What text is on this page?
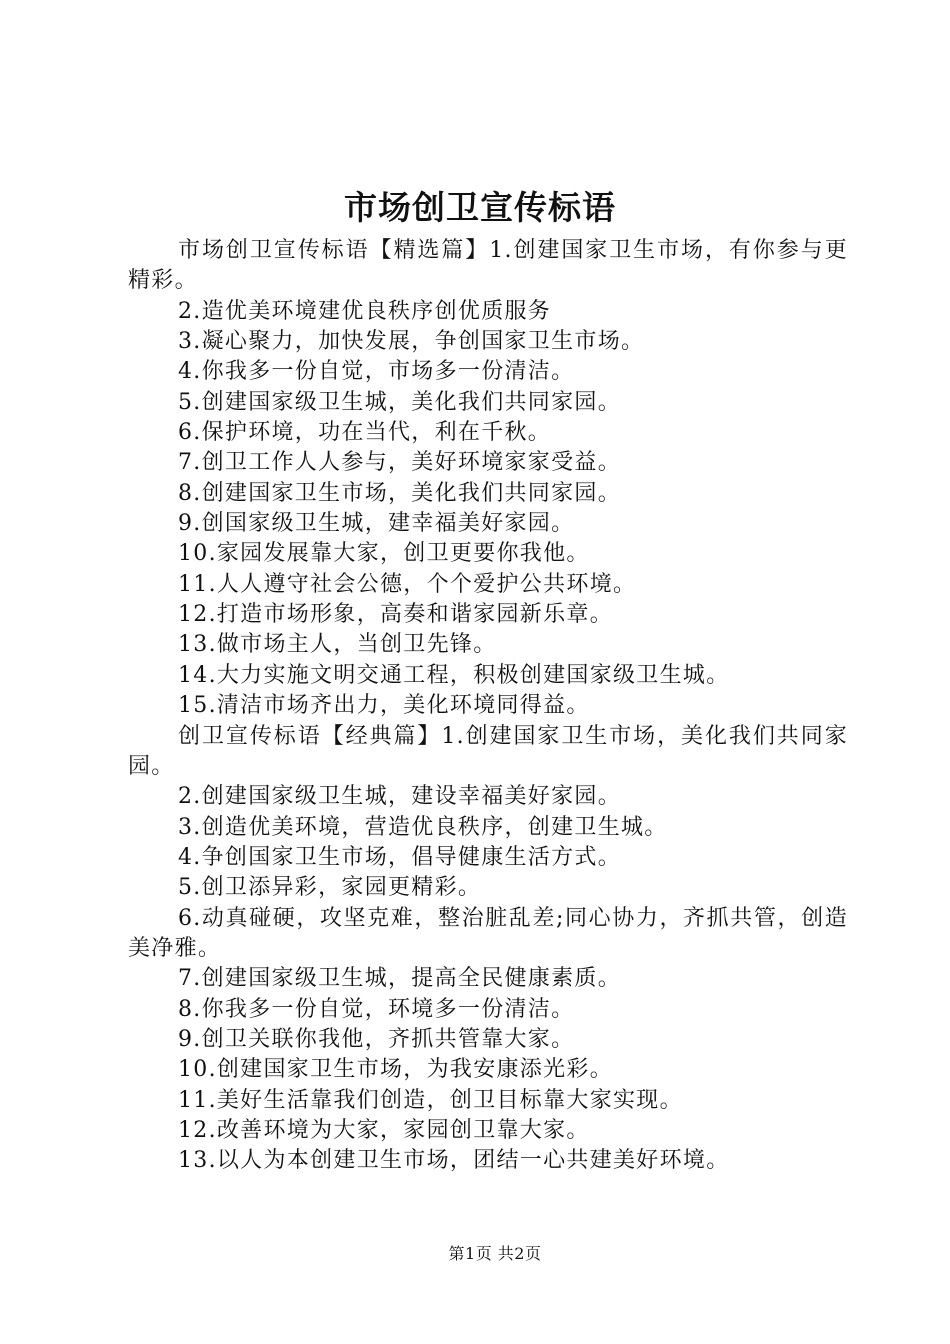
市场创卫宣传标语

市场创卫宣传标语【精选篇】1.创建国家卫生市场，有你参与更精彩。

2.造优美环境建优良秩序创优质服务

3.凝心聚力，加快发展，争创国家卫生市场。

4.你我多一份自觉，市场多一份清洁。

5.创建国家级卫生城，美化我们共同家园。

6.保护环境，功在当代，利在千秋。

7.创卫工作人人参与，美好环境家家受益。

8.创建国家卫生市场，美化我们共同家园。

9.创国家级卫生城，建幸福美好家园。

10.家园发展靠大家，创卫更要你我他。

11.人人遵守社会公德，个个爱护公共环境。

12.打造市场形象，高奏和谐家园新乐章。

13.做市场主人，当创卫先锋。

14.大力实施文明交通工程，积极创建国家级卫生城。

15.清洁市场齐出力，美化环境同得益。

创卫宣传标语【经典篇】1.创建国家卫生市场，美化我们共同家园。

2.创建国家级卫生城，建设幸福美好家园。

3.创造优美环境，营造优良秩序，创建卫生城。

4.争创国家卫生市场，倡导健康生活方式。

5.创卫添异彩，家园更精彩。

6.动真碰硬，攻坚克难，整治脏乱差;同心协力，齐抓共管，创造美净雅。

7.创建国家级卫生城，提高全民健康素质。

8.你我多一份自觉，环境多一份清洁。

9.创卫关联你我他，齐抓共管靠大家。

10.创建国家卫生市场，为我安康添光彩。

11.美好生活靠我们创造，创卫目标靠大家实现。

12.改善环境为大家，家园创卫靠大家。

13.以人为本创建卫生市场，团结一心共建美好环境。

第1页 共2页
